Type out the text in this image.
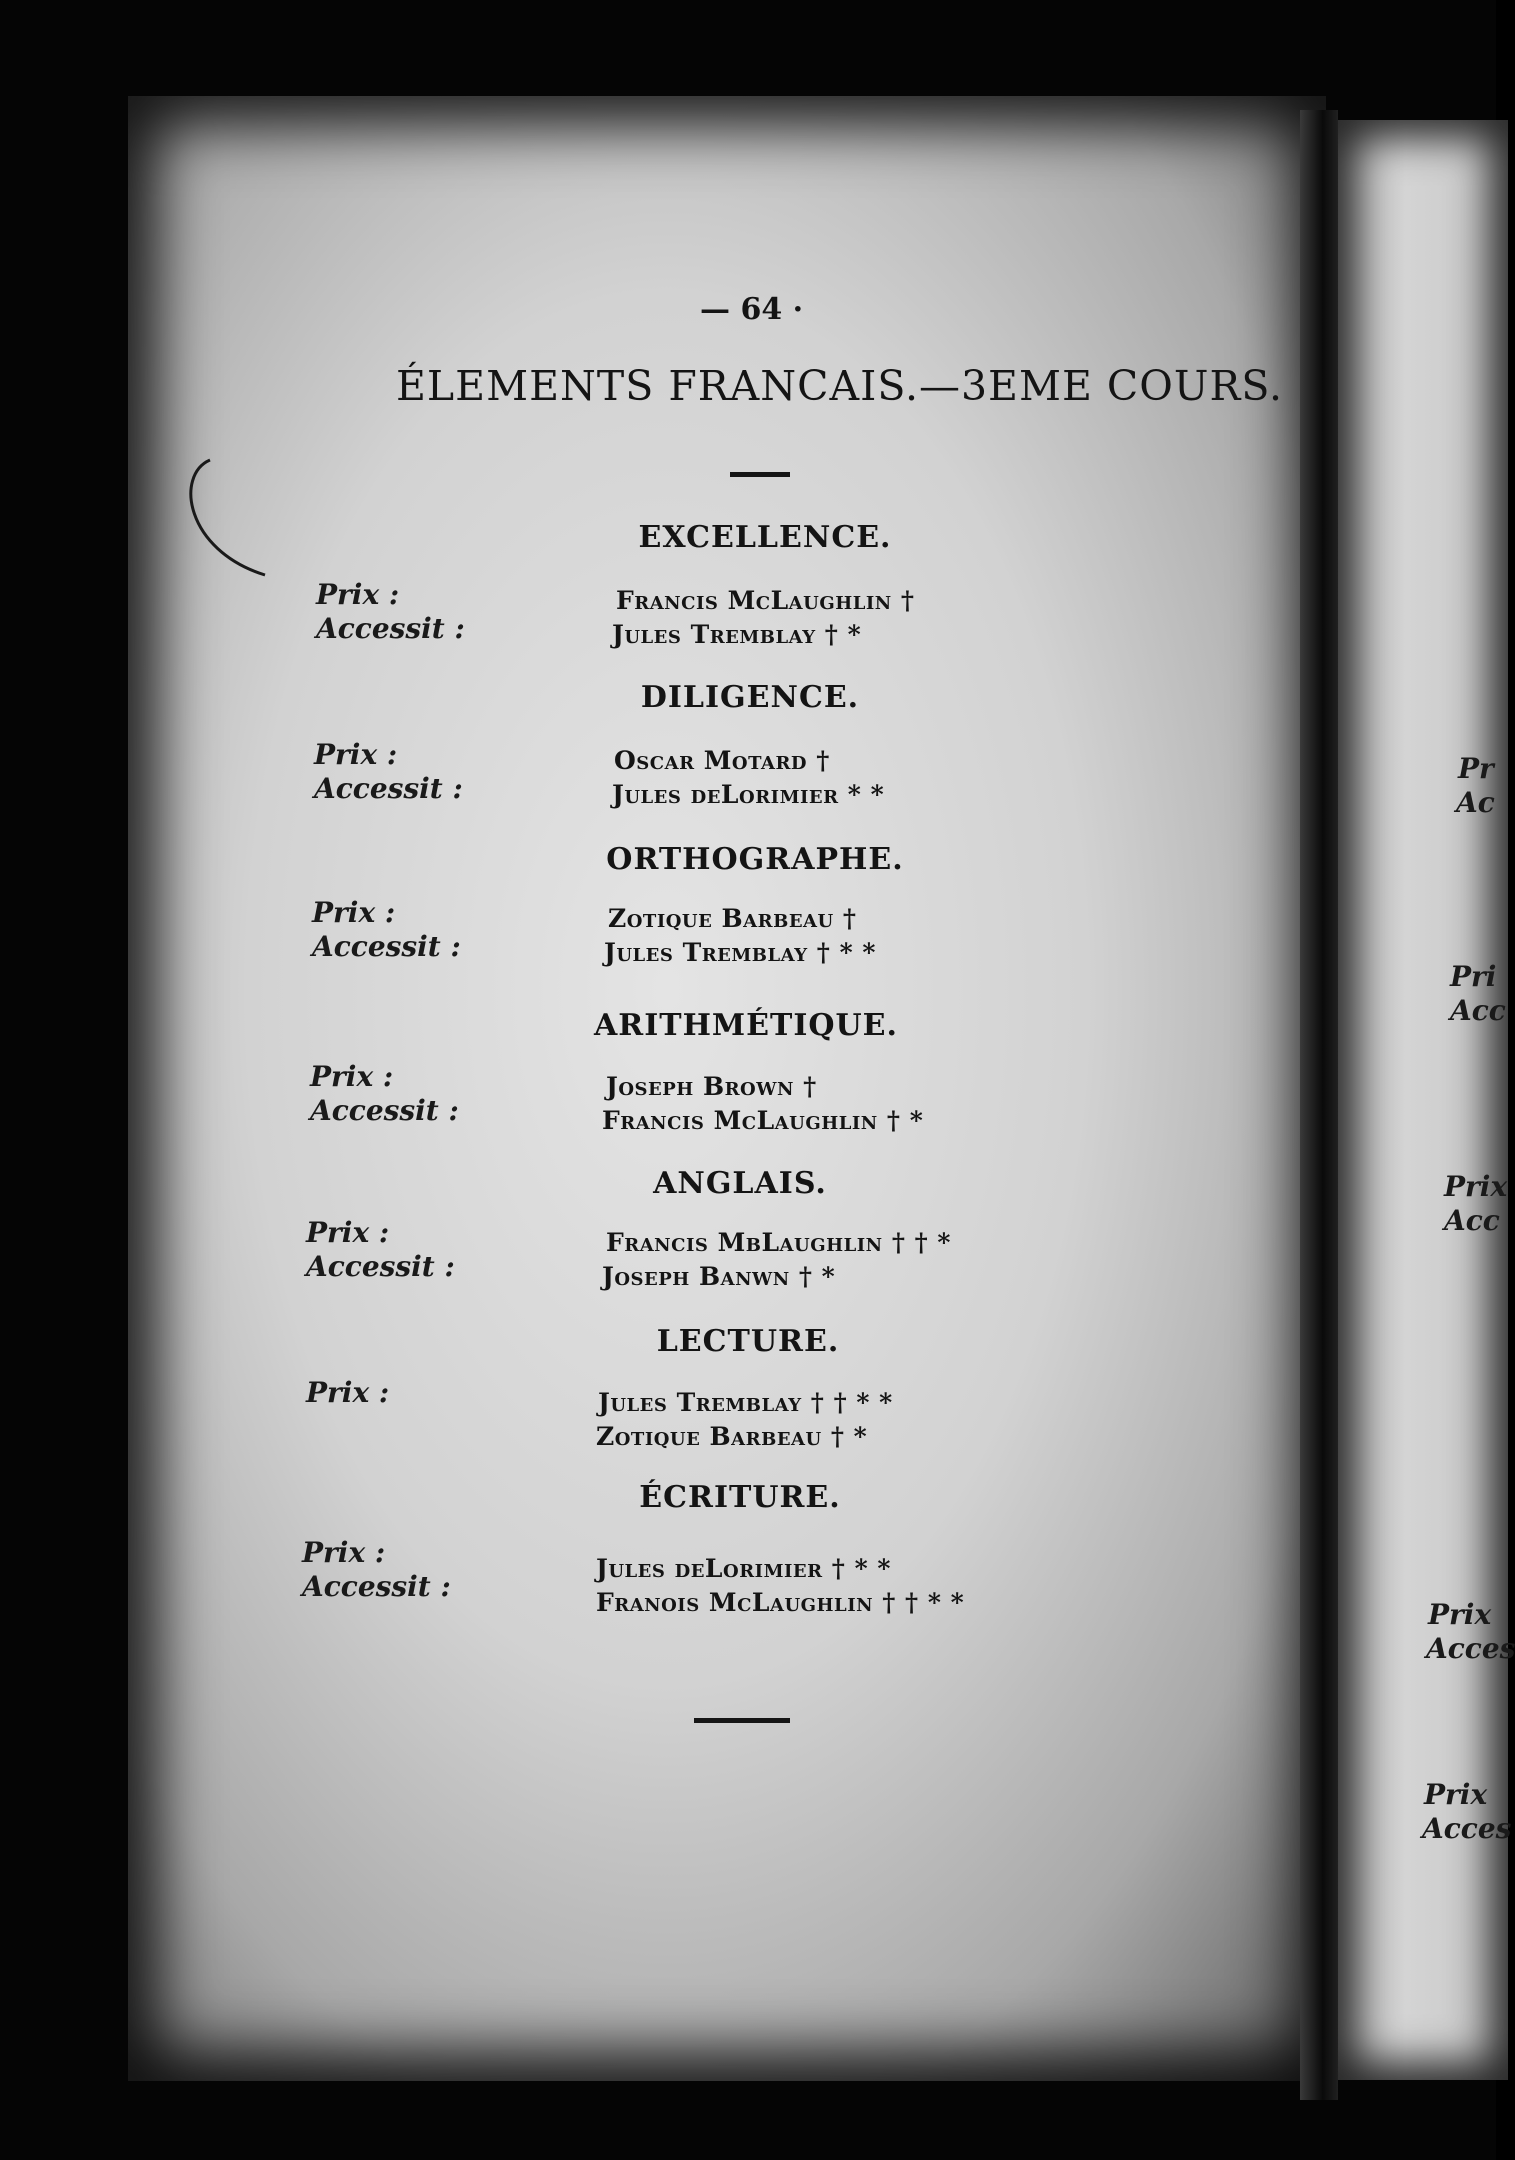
— 64 ·
ÉLEMENTS FRANCAIS.—3EME COURS.
EXCELLENCE.
Prix :
Accessit :
Francis McLaughlin †
Jules Tremblay † *
DILIGENCE.
Prix :
Accessit :
Oscar Motard †
Jules deLorimier * *
ORTHOGRAPHE.
Prix :
Accessit :
Zotique Barbeau †
Jules Tremblay † * *
ARITHMÉTIQUE.
Prix :
Accessit :
Joseph Brown †
Francis McLaughlin † *
ANGLAIS.
Prix :
Accessit :
Francis MbLaughlin † † *
Joseph Banwn † *
LECTURE.
Prix :	Jules Tremblay † † * *
Zotique Barbeau † *
ÉCRITURE.
Prix :
Accessit :
Jules deLorimier † * *
Franois McLaughlin † † * *
Pr
Ac
Pri
Acc
Prix
Acc
Prix
Acces
Prix
Acces
